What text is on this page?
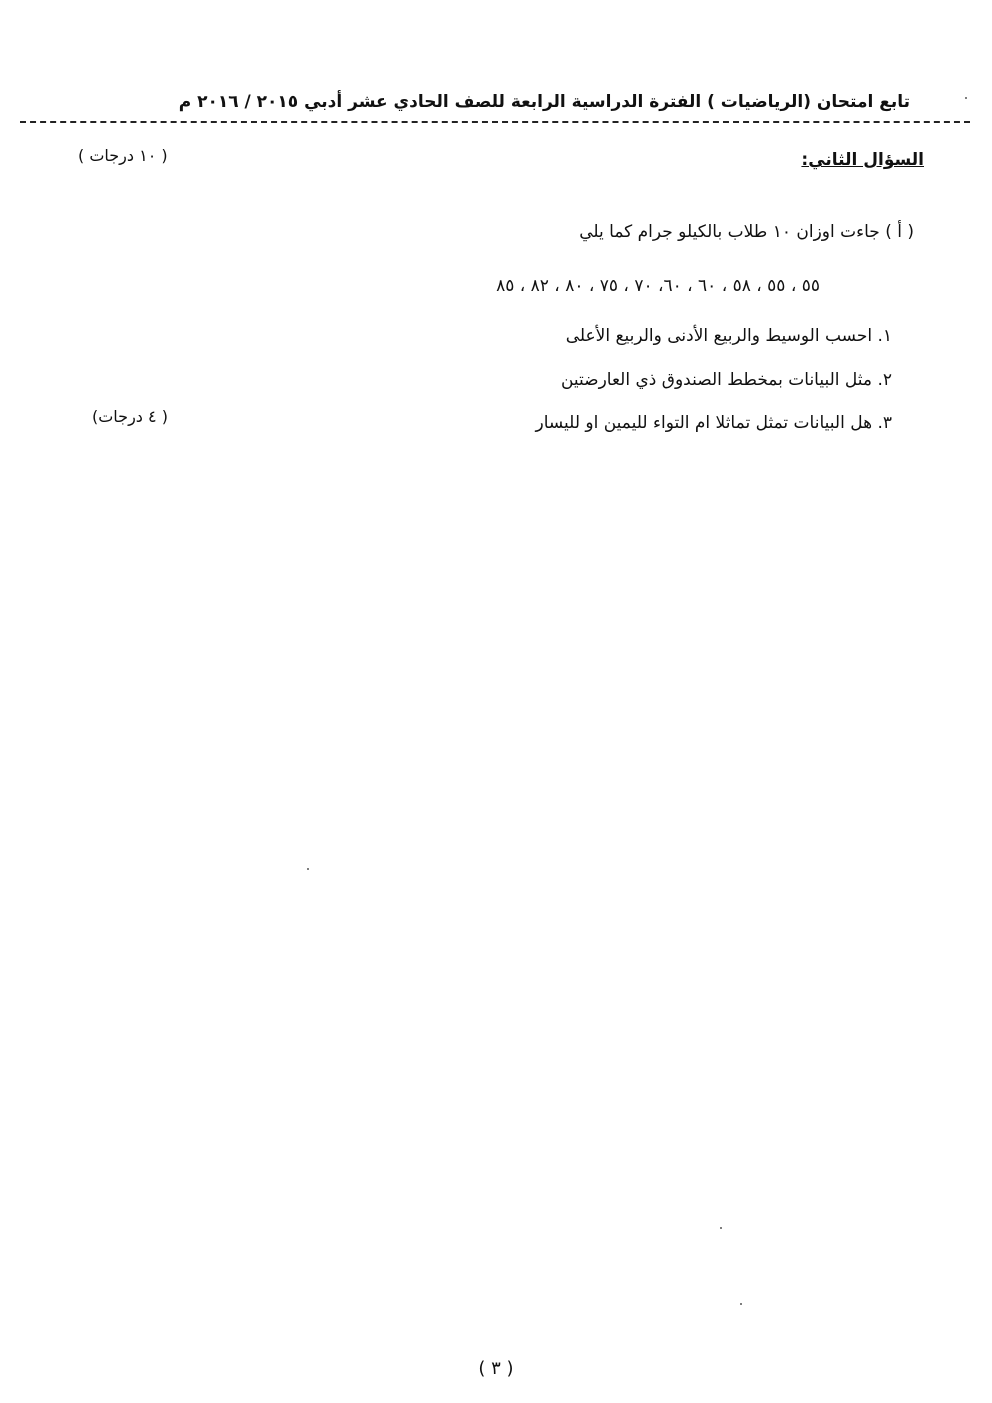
تابع امتحان (الرياضيات ) الفترة الدراسية الرابعة للصف الحادي عشر أدبي ٢٠١٥ / ٢٠١٦ م
السؤال الثاني:
( ١٠ درجات )
( أ ) جاءت اوزان ١٠ طلاب بالكيلو جرام كما يلي
٥٥ ، ٥٥ ، ٥٨ ، ٦٠ ، ٦٠، ٧٠ ، ٧٥ ، ٨٠ ، ٨٢ ، ٨٥
١. احسب الوسيط والربيع الأدنى والربيع الأعلى
٢. مثل البيانات بمخطط الصندوق ذي العارضتين
٣. هل البيانات تمثل تماثلا ام التواء لليمين او لليسار
( ٤ درجات)
( ٣ )
